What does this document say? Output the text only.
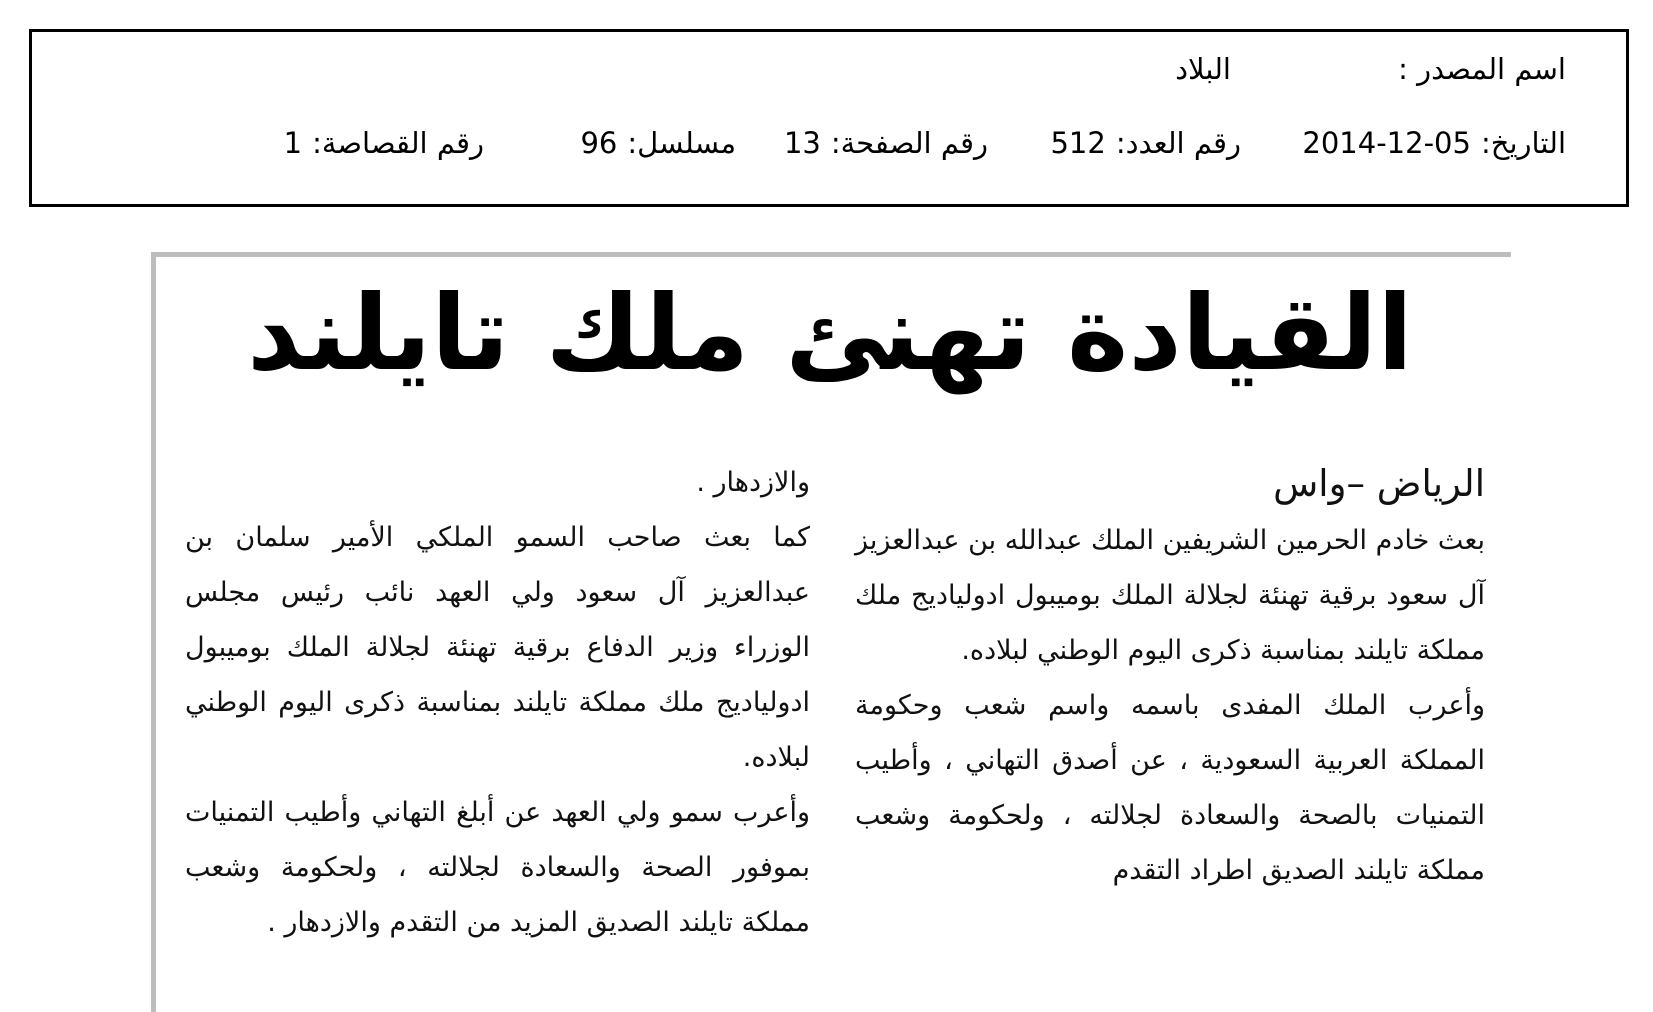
اسم المصدر :
البلاد
التاريخ:2014-12-05
رقم العدد:512
رقم الصفحة:13
مسلسل:96
رقم القصاصة:1
القيادة تهنئ ملك تايلند

الرياض –واس

بعث خادم الحرمين الشريفين الملك عبدالله بن عبدالعزيز آل سعود برقية تهنئة لجلالة الملك بوميبول ادولياديج ملك مملكة تايلند بمناسبة ذكرى اليوم الوطني لبلاده.

وأعرب الملك المفدى باسمه واسم شعب وحكومة المملكة العربية السعودية ، عن أصدق التهاني ، وأطيب التمنيات بالصحة والسعادة لجلالته ، ولحكومة وشعب مملكة تايلند الصديق اطراد التقدم

والازدهار .

كما بعث صاحب السمو الملكي الأمير سلمان بن عبدالعزيز آل سعود ولي العهد نائب رئيس مجلس الوزراء وزير الدفاع برقية تهنئة لجلالة الملك بوميبول ادولياديج ملك مملكة تايلند بمناسبة ذكرى اليوم الوطني لبلاده.

وأعرب سمو ولي العهد عن أبلغ التهاني وأطيب التمنيات بموفور الصحة والسعادة لجلالته ، ولحكومة وشعب مملكة تايلند الصديق المزيد من التقدم والازدهار .
